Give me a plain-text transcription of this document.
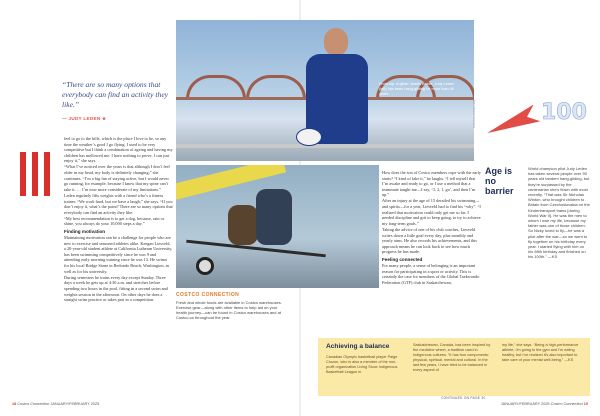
“There are so many options that everybody can find an activity they like.”
— JUDY LEDEN ★

feel to go to the hills, which is the place I love to be, so any time the weather’s good I go flying. I used to be very competitive but I think a combination of ageing and having my children has mellowed me. I have nothing to prove, I can just enjoy it,” she says.

“What I’ve noticed over the years is that although I don’t feel older in my head, my body is definitely changing,” she continues. “I’m a big fan of staying active, but I would never go running, for example, because I know that my spine can’t take it. … I’m now more considerate of my limitations.”

Leden regularly lifts weights with a friend who’s a fitness trainer. “We work hard, but we have a laugh,” she says. “If you don’t enjoy it, what’s the point? There are so many options that everybody can find an activity they like.

“My best recommendation is to get a dog, because, rain or shine, you always do your 10,000 steps a day.”

Finding motivation

Maintaining motivation can be a challenge for people who are new to exercise and seasoned athletes alike. Keegan Liesveld, a 20-year-old student athlete at California Lutheran University, has been swimming competitively since he was 9 and attending early morning training since he was 13. He swims for his local Bridge Stone in Redondo Beach, Washington, as well as for his university.

During semesters he trains every day except Sunday. Three days a week he gets up at 4:30 a.m. and stretches before spending two hours in the pool, fitting in a second swim and weights session in the afternoon. On other days he does a straight swim practice or takes part in a competition.

From top: A glider James Bicker, Judy Leden (left) has been hang-gliding for more than 40 years.
COSTCO CONNECTION
COSTCO CONNECTION
Fresh and whole foods are available in Costco warehouses. Exercise gear—along with other items to help aid on your health journey—can be found in Costco warehouses and at Costco.ca throughout the year.

How does the son of Costco members cope with the early starts? “I kind of fake it,” he laughs. “I tell myself that I’m awake and ready to go, or I use a method that a teammate taught me—I say, ‘3, 2, 1, go’, and then I’m up.”

After an injury at the age of 15 derailed his swimming—and spirits—for a year, Liesveld had to find his “why”. “I realized that motivation could only get me so far. I needed discipline and grit to keep going, to try to achieve my long-term goals.”

Taking the advice of one of his club coaches, Liesveld writes down a little goal every day, plus monthly and yearly aims. He also records his achievements, and this approach means he can look back to see how much progress he has made.

Feeling connected

For many people, a sense of belonging is an important reason for participating in a sport or activity. This is certainly the case for members of the Global Taekwondo Federation (GTF) club in Saskatchewan,

CONTINUED ON PAGE 30
100
Age is no barrier
World champion pilot Judy Leden has taken several people over 90 years old tandem hang-gliding, but they’re surpassed by the centenarian she’s flown with most recently. “That was Sir Nicholas Winton, who brought children to Britain from Czechoslovakia on the Kindertransport trains [during World War II]. He was the men to whom I owe my life, because my father was one of those children. So Nicky loved to fly—he was a pilot after the war—so we went to fly together on his birthday every year. I started flying with him on his 98th birthday and finished on his 100th.” —KS
Achieving a balance
Canadian Olympic basketball player Paige Crozon, who is also a member of the non-profit organization Living Sioux Indigenous Basketball League in
Saskatchewan, Canada, has been inspired by the medicine wheel, a tradition used in Indigenous cultures. “It has four components: physical, spiritual, mental and cultural. In the last few years, I have tried to be balanced in every aspect of
my life,” she says. “Being a high-performance athlete, I’m going to the gym and I’m eating healthy, but I’ve realized it’s also important to take care of your mental well-being.” —KS
18 Costco Connection JANUARY/FEBRUARY 2025	JANUARY/FEBRUARY 2025 Costco Connection 19
